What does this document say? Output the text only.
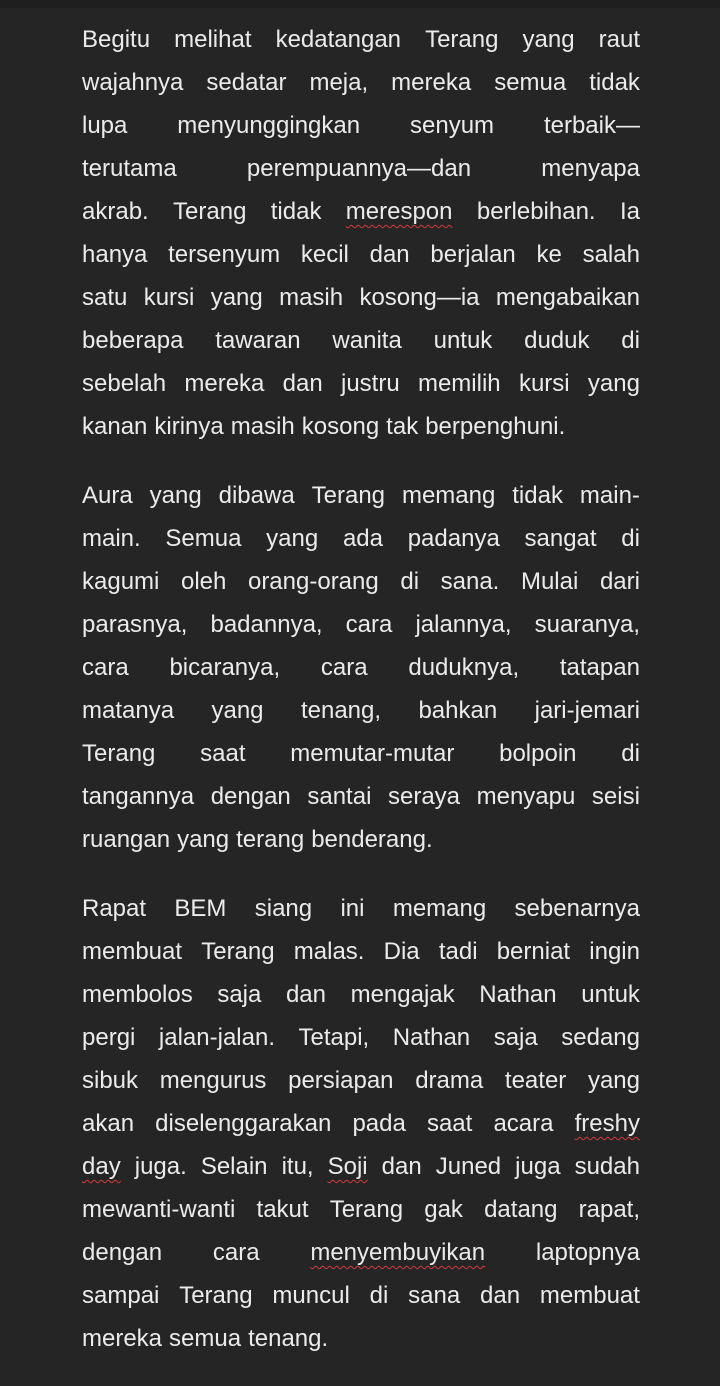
Begitu melihat kedatangan Terang yang raut
wajahnya sedatar meja, mereka semua tidak
lupa menyunggingkan senyum terbaik—
terutama	perempuannya—dan	menyapa
akrab. Terang tidak merespon berlebihan. Ia
hanya tersenyum kecil dan berjalan ke salah
satu kursi yang masih kosong—ia mengabaikan
beberapa tawaran wanita untuk duduk di
sebelah mereka dan justru memilih kursi yang
kanan kirinya masih kosong tak berpenghuni.
Aura yang dibawa Terang memang tidak main-
main. Semua yang ada padanya sangat di
kagumi oleh orang-orang di sana. Mulai dari
parasnya, badannya, cara jalannya, suaranya,
cara bicaranya, cara duduknya, tatapan
matanya yang tenang, bahkan jari-jemari
Terang saat memutar-mutar bolpoin di
tangannya dengan santai seraya menyapu seisi
ruangan yang terang benderang.
Rapat BEM siang ini memang sebenarnya
membuat Terang malas. Dia tadi berniat ingin
membolos saja dan mengajak Nathan untuk
pergi jalan-jalan. Tetapi, Nathan saja sedang
sibuk mengurus persiapan drama teater yang
akan diselenggarakan pada saat acara freshy
day juga. Selain itu, Soji dan Juned juga sudah
mewanti-wanti takut Terang gak datang rapat,
dengan cara menyembuyikan laptopnya
sampai Terang muncul di sana dan membuat
mereka semua tenang.
